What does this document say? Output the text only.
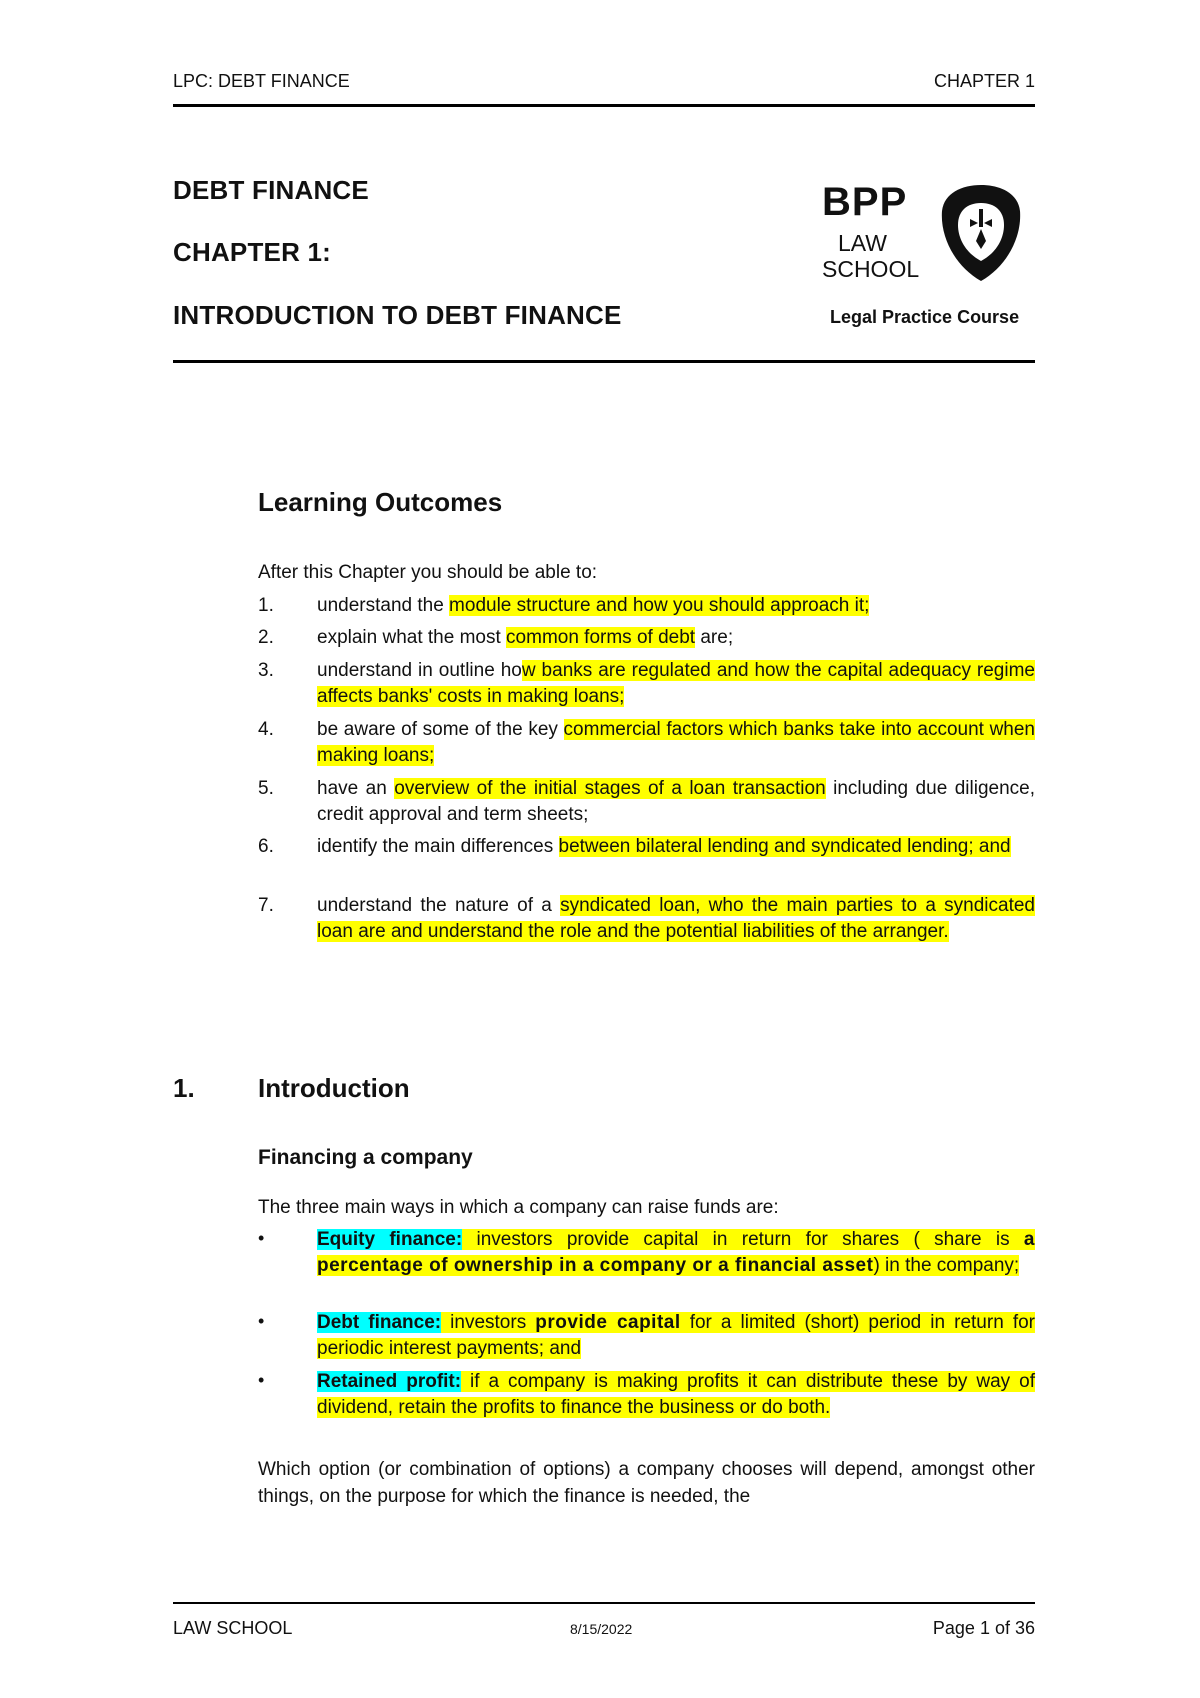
LPC: DEBT FINANCE	CHAPTER 1
DEBT FINANCE
CHAPTER 1:
INTRODUCTION TO DEBT FINANCE
BPP
LAW
SCHOOL
Legal Practice Course
Learning Outcomes
After this Chapter you should be able to:
1. understand the module structure and how you should approach it;
2. explain what the most common forms of debt are;
3. understand in outline how banks are regulated and how the capital adequacy regime affects banks' costs in making loans;
4. be aware of some of the key commercial factors which banks take into account when making loans;
5. have an overview of the initial stages of a loan transaction including due diligence, credit approval and term sheets;
6. identify the main differences between bilateral lending and syndicated lending; and
7. understand the nature of a syndicated loan, who the main parties to a syndicated loan are and understand the role and the potential liabilities of the arranger.
1. Introduction
Financing a company
The three main ways in which a company can raise funds are:
•	Equity finance: investors provide capital in return for shares ( share is a percentage of ownership in a company or a financial asset) in the company;
•	Debt finance: investors provide capital for a limited (short) period in return for periodic interest payments; and
•	Retained profit: if a company is making profits it can distribute these by way of dividend, retain the profits to finance the business or do both.
Which option (or combination of options) a company chooses will depend, amongst other things, on the purpose for which the finance is needed, the
LAW SCHOOL	8/15/2022	Page 1 of 36
